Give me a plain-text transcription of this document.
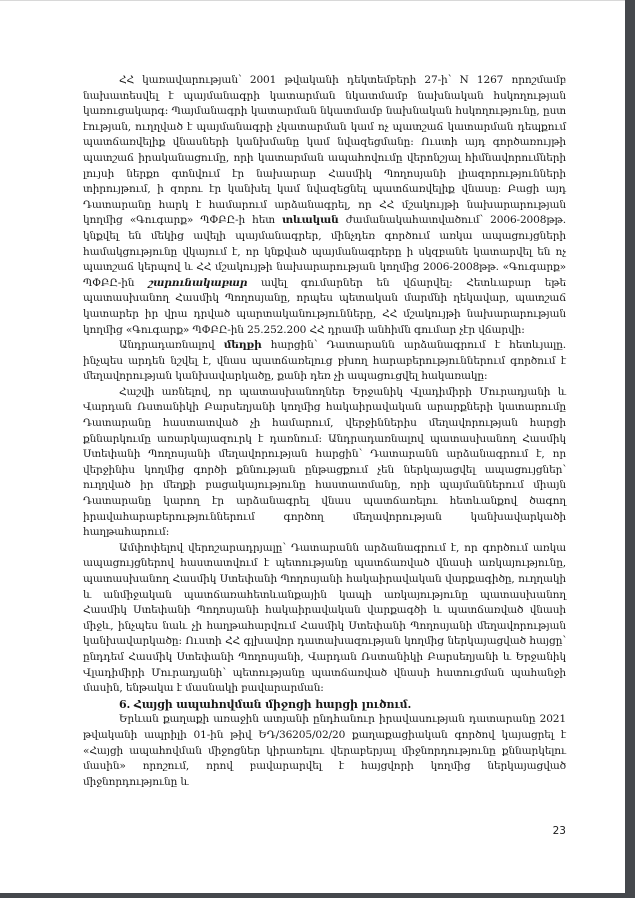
ՀՀ կառավարության՝ 2001 թվականի դեկտեմբերի 27-ի՝ N 1267 որոշմամբ նախատեսվել է պայմանագրի կատարման նկատմամբ նախնական հսկողության կառուցակարգ: Պայմանագրի կատարման նկատմամբ նախնական հսկողությունը, ըստ էության, ուղղված է պայմանագրի չկատարման կամ ոչ պատշաճ կատարման դեպքում պատճառվելիք վնասների կանխմանը կամ նվազեցմանը: Ուստի այդ գործառույթի պատշաճ իրականացումը, որի կատարման ապահովումը վերոնշյալ հիմնավորումների լույսի ներքո գտնվում էր նախարար Հասմիկ Պողոսյանի լիազորությունների տիրույթում, ի զորու էր կանխել կամ նվազեցնել պատճառվելիք վնասը: Բացի այդ Դատարանը հարկ է համարում արձանագրել, որ ՀՀ մշակույթի նախարարության կողմից «Գուգարք» ՊՓԲԸ-ի հետ տևական ժամանակահատվածում՝ 2006-2008թթ. կնքվել են մեկից ավելի պայմանագրեր, մինչդեռ գործում առկա ապացույցների համակցությունը վկայում է, որ կնքված պայմանագրերը ի սկզբանե կատարվել են ոչ պատշաճ կերպով և ՀՀ մշակույթի նախարարության կողմից 2006-2008թթ. «Գուգարք» ՊՓԲԸ-ին շարունակաբար ավել գումարներ են վճարվել: Հետևաբար եթե պատասխանող Հասմիկ Պողոսյանը, որպես պետական մարմնի ղեկավար, պատշաճ կատարեր իր վրա դրված պարտականությունները, ՀՀ մշակույթի նախարարության կողմից «Գուգարք» ՊՓԲԸ-ին 25.252.200 ՀՀ դրամի անհիմն գումար չէր վճարվի:

Անդրադառնալով մեղքի հարցին՝ Դատարանն արձանագրում է հետևյալը. ինչպես արդեն նշվել է, վնաս պատճառելուց բխող հարաբերություններում գործում է մեղավորության կանխավարկածը, քանի դեռ չի ապացուցվել հակառակը:

Հաշվի առնելով, որ պատասխանողներ Երջանիկ Վլադիմիրի Մուրադյանի և Վարդան Ռստանիկի Բարսեղյանի կողմից հակաիրավական արարքների կատարումը Դատարանը հաստատված չի համարում, վերջիններիս մեղավորության հարցի քննարկումը առարկայազուրկ է դառնում: Անդրադառնալով պատասխանող Հասմիկ Ստեփանի Պողոսյանի մեղավորության հարցին՝ Դատարանն արձանագրում է, որ վերջինիս կողմից գործի քննության ընթացքում չեն ներկայացվել ապացույցներ՝ ուղղված իր մեղքի բացակայությունը հաստատմանը, որի պայմաններում միայն Դատարանը կարող էր արձանագրել վնաս պատճառելու հետևանքով ծագող իրավահարաբերություններում գործող մեղավորության կանխավարկածի հաղթահարում:

Ամփոփելով վերոշարադրյալը՝ Դատարանն արձանագրում է, որ գործում առկա ապացույցներով հաստատվում է պետությանը պատճառված վնասի առկայությունը, պատասխանող Հասմիկ Ստեփանի Պողոսյանի հակաիրավական վարքագիծը, ուղղակի և անմիջական պատճառահետևանքային կապի առկայությունը պատասխանող Հասմիկ Ստեփանի Պողոսյանի հակաիրավական վարքագծի և պատճառված վնասի միջև, ինչպես նաև չի հաղթահարվում Հասմիկ Ստեփանի Պողոսյանի մեղավորության կանխավարկածը: Ուստի ՀՀ գլխավոր դատախազության կողմից ներկայացված հայցը՝ ընդդեմ Հասմիկ Ստեփանի Պողոսյանի, Վարդան Ռստանիկի Բարսեղյանի և Երջանիկ Վլադիմիրի Մուրադյանի՝ պետությանը պատճառված վնասի հատուցման պահանջի մասին, ենթակա է մասնակի բավարարման:

6. Հայցի ապահովման միջոցի հարցի լուծում.

Երևան քաղաքի առաջին ատյանի ընդհանուր իրավասության դատարանը 2021 թվականի ապրիլի 01-ին թիվ ԵԴ/36205/02/20 քաղաքացիական գործով կայացրել է «Հայցի ապահովման միջոցներ կիրառելու վերաբերյալ միջնորդությունը քննարկելու մասին» որոշում, որով բավարարվել է հայցվորի կողմից ներկայացված միջնորդությունը և

23
